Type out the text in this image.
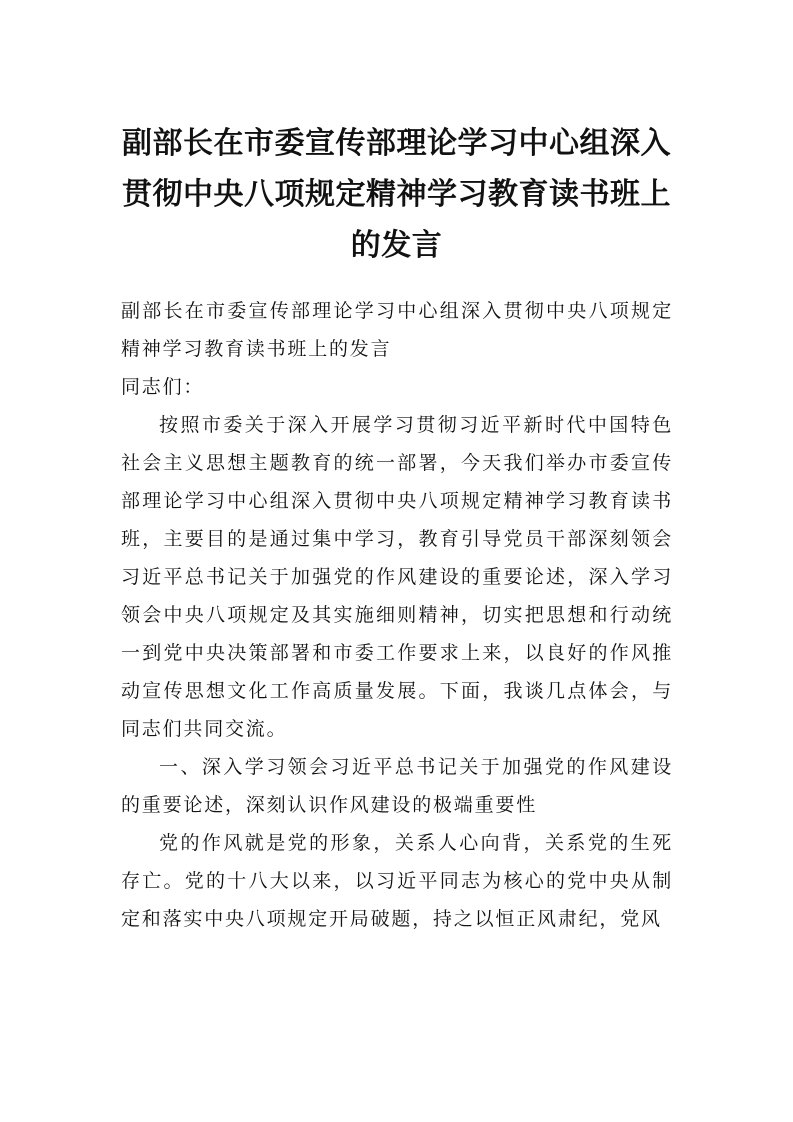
副部长在市委宣传部理论学习中心组深入
贯彻中央八项规定精神学习教育读书班上
的发言

副部长在市委宣传部理论学习中心组深入贯彻中央八项规定精神学习教育读书班上的发言

同志们：

按照市委关于深入开展学习贯彻习近平新时代中国特色社会主义思想主题教育的统一部署，今天我们举办市委宣传部理论学习中心组深入贯彻中央八项规定精神学习教育读书班，主要目的是通过集中学习，教育引导党员干部深刻领会习近平总书记关于加强党的作风建设的重要论述，深入学习领会中央八项规定及其实施细则精神，切实把思想和行动统一到党中央决策部署和市委工作要求上来，以良好的作风推动宣传思想文化工作高质量发展。下面，我谈几点体会，与同志们共同交流。

一、深入学习领会习近平总书记关于加强党的作风建设的重要论述，深刻认识作风建设的极端重要性

党的作风就是党的形象，关系人心向背，关系党的生死存亡。党的十八大以来，以习近平同志为核心的党中央从制定和落实中央八项规定开局破题，持之以恒正风肃纪，党风
